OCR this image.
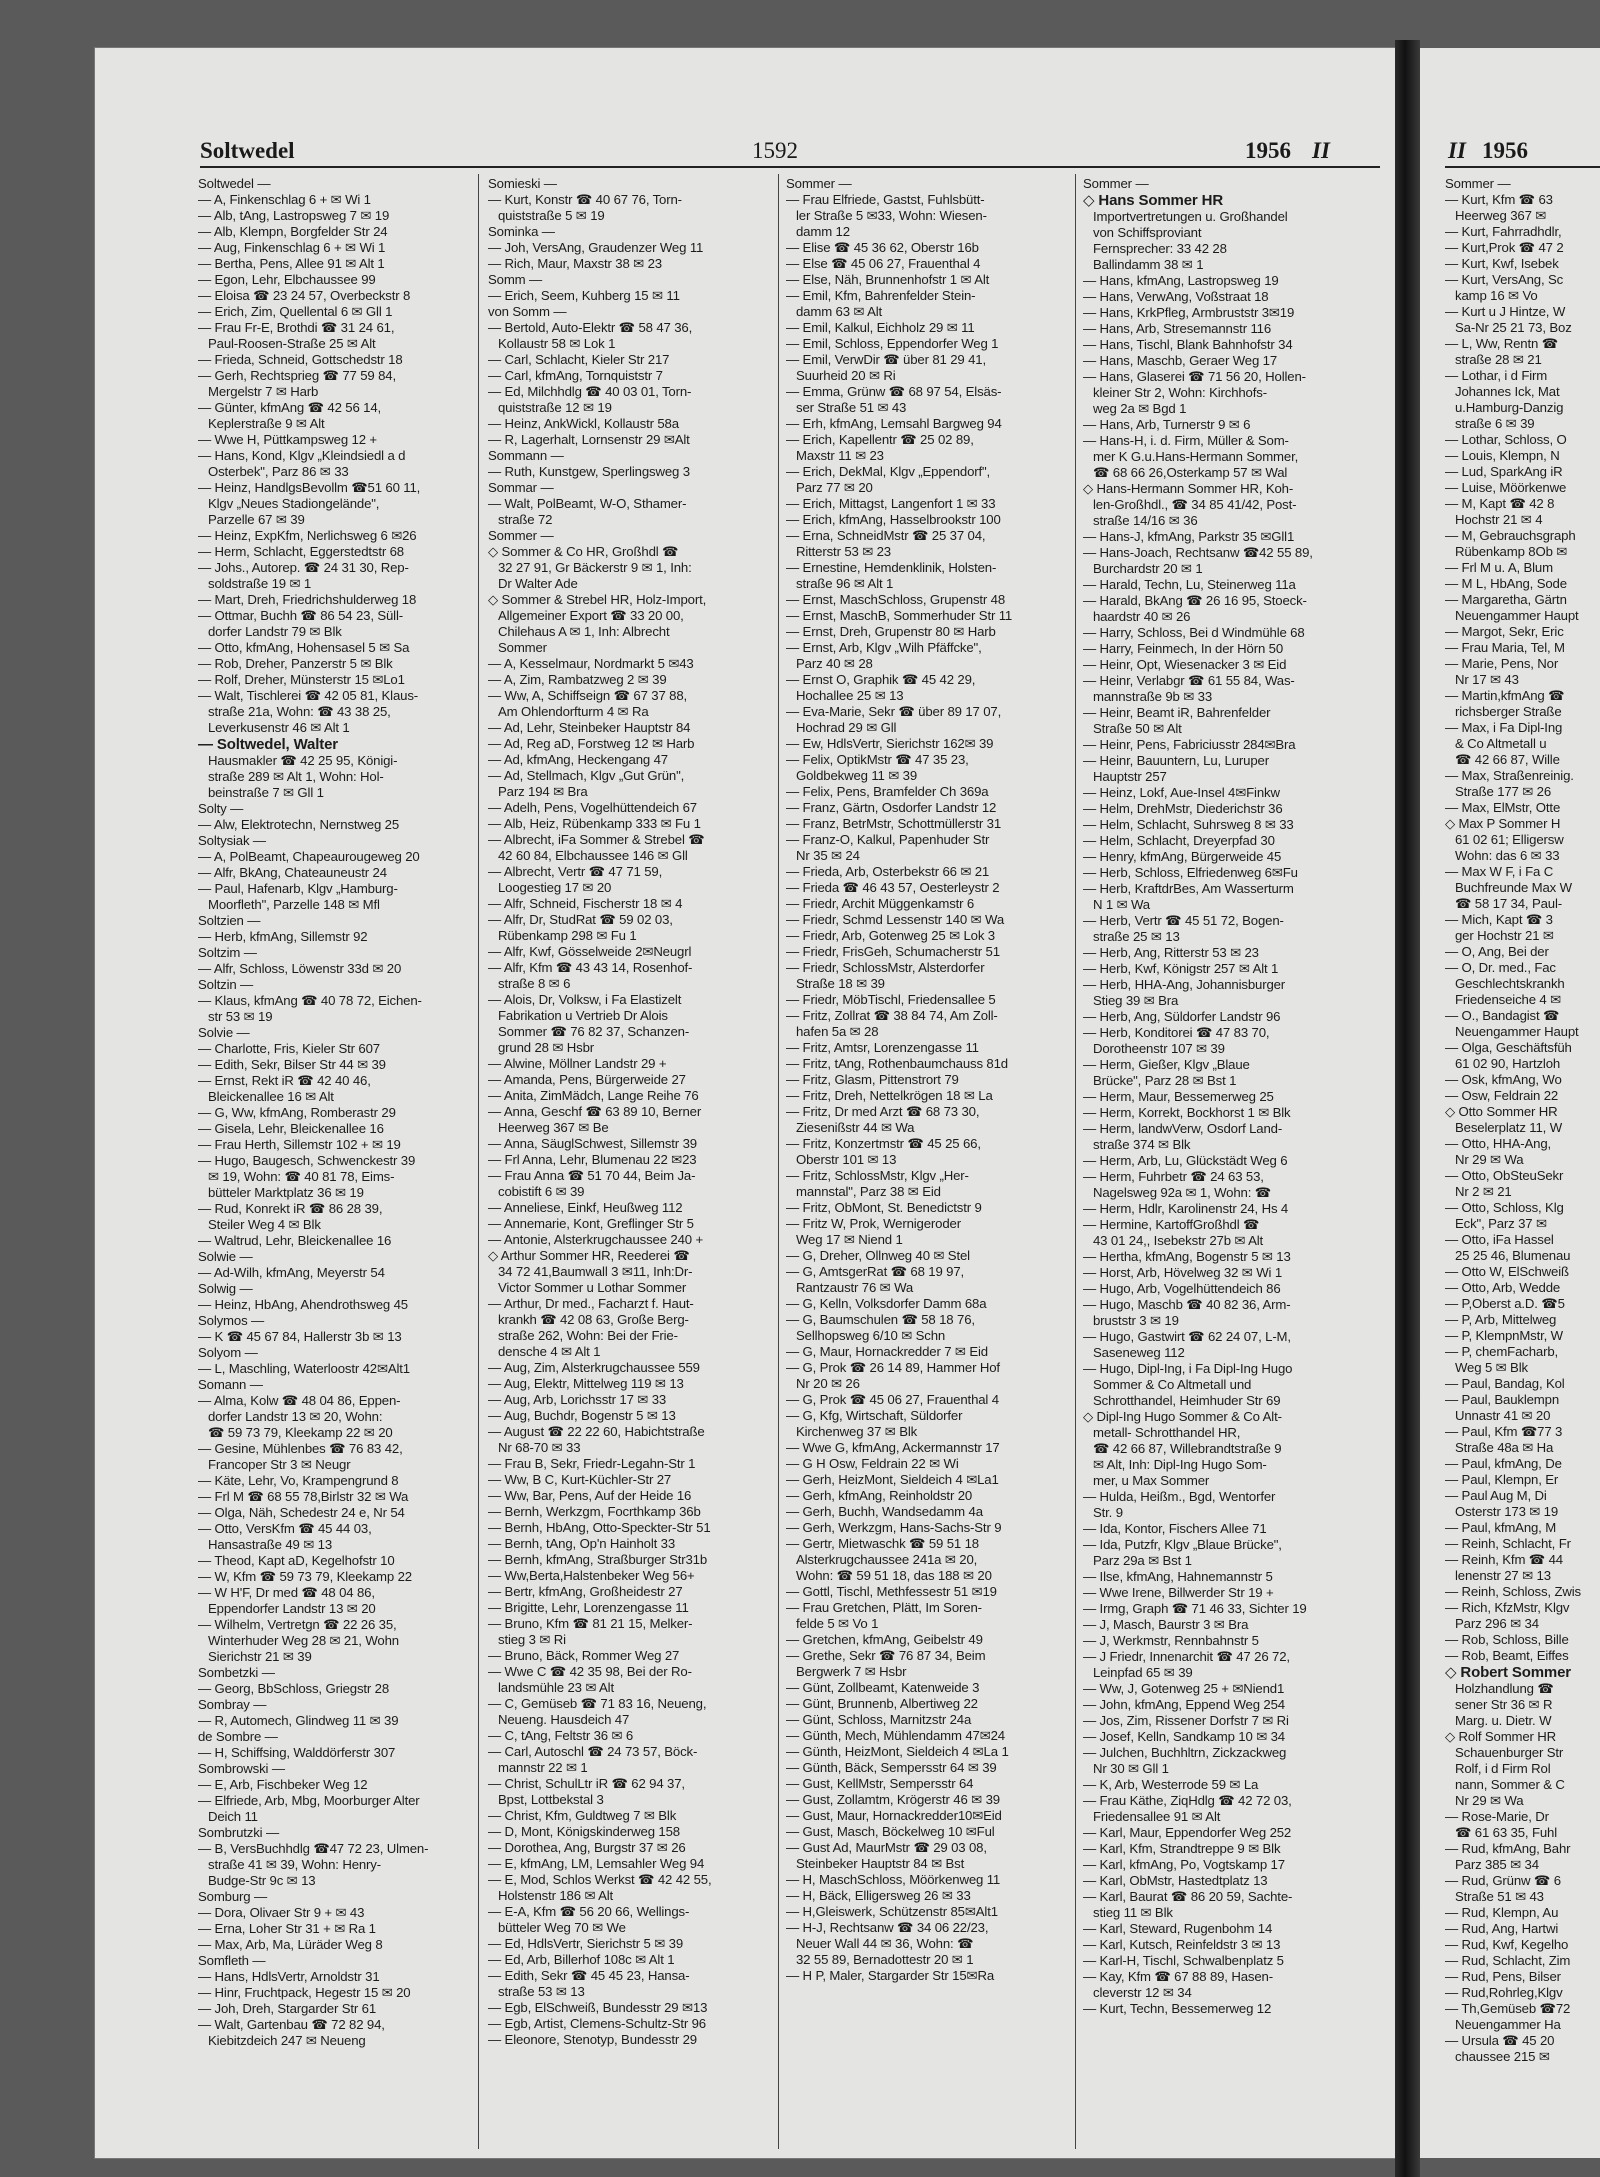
Soltwedel	1592	1956 II	II 1956
Soltwedel —
— A, Finkenschlag 6 + ✉ Wi 1
— Alb, tAng, Lastropsweg 7 ✉ 19
— Alb, Klempn, Borgfelder Str 24
— Aug, Finkenschlag 6 + ✉ Wi 1
— Bertha, Pens, Allee 91 ✉ Alt 1
— Egon, Lehr, Elbchaussee 99
— Eloisa ☎ 23 24 57, Overbeckstr 8
— Erich, Zim, Quellental 6 ✉ Gll 1
— Frau Fr-E, Brothdi ☎ 31 24 61,
Paul-Roosen-Straße 25 ✉ Alt
— Frieda, Schneid, Gottschedstr 18
— Gerh, Rechtsprieg ☎ 77 59 84,
Mergelstr 7 ✉ Harb
— Günter, kfmAng ☎ 42 56 14,
Keplerstraße 9 ✉ Alt
— Wwe H, Püttkampsweg 12 +
— Hans, Kond, Klgv „Kleindsiedl a d
Osterbek", Parz 86 ✉ 33
— Heinz, HandlgsBevollm ☎51 60 11,
Klgv „Neues Stadiongelände",
Parzelle 67 ✉ 39
— Heinz, ExpKfm, Nerlichsweg 6 ✉26
— Herm, Schlacht, Eggerstedtstr 68
— Johs., Autorep. ☎ 24 31 30, Rep-
soldstraße 19 ✉ 1
— Mart, Dreh, Friedrichshulderweg 18
— Ottmar, Buchh ☎ 86 54 23, Süll-
dorfer Landstr 79 ✉ Blk
— Otto, kfmAng, Hohensasel 5 ✉ Sa
— Rob, Dreher, Panzerstr 5 ✉ Blk
— Rolf, Dreher, Münsterstr 15 ✉Lo1
— Walt, Tischlerei ☎ 42 05 81, Klaus-
straße 21a, Wohn: ☎ 43 38 25,
Leverkusenstr 46 ✉ Alt 1
— Soltwedel, Walter
Hausmakler ☎ 42 25 95, Königi-
straße 289 ✉ Alt 1, Wohn: Hol-
beinstraße 7 ✉ Gll 1
Solty —
— Alw, Elektrotechn, Nernstweg 25
Soltysiak —
— A, PolBeamt, Chapeaurougeweg 20
— Alfr, BkAng, Chateauneustr 24
— Paul, Hafenarb, Klgv „Hamburg-
Moorfleth", Parzelle 148 ✉ Mfl
Soltzien —
— Herb, kfmAng, Sillemstr 92
Soltzim —
— Alfr, Schloss, Löwenstr 33d ✉ 20
Soltzin —
— Klaus, kfmAng ☎ 40 78 72, Eichen-
str 53 ✉ 19
Solvie —
— Charlotte, Fris, Kieler Str 607
— Edith, Sekr, Bilser Str 44 ✉ 39
— Ernst, Rekt iR ☎ 42 40 46,
Bleickenallee 16 ✉ Alt
— G, Ww, kfmAng, Romberastr 29
— Gisela, Lehr, Bleickenallee 16
— Frau Herth, Sillemstr 102 + ✉ 19
— Hugo, Baugesch, Schwenckestr 39
✉ 19, Wohn: ☎ 40 81 78, Eims-
bütteler Marktplatz 36 ✉ 19
— Rud, Konrekt iR ☎ 86 28 39,
Steiler Weg 4 ✉ Blk
— Waltrud, Lehr, Bleickenallee 16
Solwie —
— Ad-Wilh, kfmAng, Meyerstr 54
Solwig —
— Heinz, HbAng, Ahendrothsweg 45
Solymos —
— K ☎ 45 67 84, Hallerstr 3b ✉ 13
Solyom —
— L, Maschling, Waterloostr 42✉Alt1
Somann —
— Alma, Kolw ☎ 48 04 86, Eppen-
dorfer Landstr 13 ✉ 20, Wohn:
☎ 59 73 79, Kleekamp 22 ✉ 20
— Gesine, Mühlenbes ☎ 76 83 42,
Francoper Str 3 ✉ Neugr
— Käte, Lehr, Vo, Krampengrund 8
— Frl M ☎ 68 55 78,Birlstr 32 ✉ Wa
— Olga, Näh, Schedestr 24 e, Nr 54
— Otto, VersKfm ☎ 45 44 03,
Hansastraße 49 ✉ 13
— Theod, Kapt aD, Kegelhofstr 10
— W, Kfm ☎ 59 73 79, Kleekamp 22
— W H'F, Dr med ☎ 48 04 86,
Eppendorfer Landstr 13 ✉ 20
— Wilhelm, Vertretgn ☎ 22 26 35,
Winterhuder Weg 28 ✉ 21, Wohn
Sierichstr 21 ✉ 39
Sombetzki —
— Georg, BbSchloss, Griegstr 28
Sombray —
— R, Automech, Glindweg 11 ✉ 39
de Sombre —
— H, Schiffsing, Walddörferstr 307
Sombrowski —
— E, Arb, Fischbeker Weg 12
— Elfriede, Arb, Mbg, Moorburger Alter
Deich 11
Sombrutzki —
— B, VersBuchhdlg ☎47 72 23, Ulmen-
straße 41 ✉ 39, Wohn: Henry-
Budge-Str 9c ✉ 13
Somburg —
— Dora, Olivaer Str 9 + ✉ 43
— Erna, Loher Str 31 + ✉ Ra 1
— Max, Arb, Ma, Lüräder Weg 8
Somfleth —
— Hans, HdlsVertr, Arnoldstr 31
— Hinr, Fruchtpack, Hegestr 15 ✉ 20
— Joh, Dreh, Stargarder Str 61
— Walt, Gartenbau ☎ 72 82 94,
Kiebitzdeich 247 ✉ Neueng
Somieski —
— Kurt, Konstr ☎ 40 67 76, Torn-
quiststraße 5 ✉ 19
Sominka —
— Joh, VersAng, Graudenzer Weg 11
— Rich, Maur, Maxstr 38 ✉ 23
Somm —
— Erich, Seem, Kuhberg 15 ✉ 11
von Somm —
— Bertold, Auto-Elektr ☎ 58 47 36,
Kollaustr 58 ✉ Lok 1
— Carl, Schlacht, Kieler Str 217
— Carl, kfmAng, Tornquiststr 7
— Ed, Milchhdlg ☎ 40 03 01, Torn-
quiststraße 12 ✉ 19
— Heinz, AnkWickl, Kollaustr 58a
— R, Lagerhalt, Lornsenstr 29 ✉Alt
Sommann —
— Ruth, Kunstgew, Sperlingsweg 3
Sommar —
— Walt, PolBeamt, W-O, Sthamer-
straße 72
Sommer —
◇ Sommer & Co HR, Großhdl ☎
32 27 91, Gr Bäckerstr 9 ✉ 1, Inh:
Dr Walter Ade
◇ Sommer & Strebel HR, Holz-Import,
Allgemeiner Export ☎ 33 20 00,
Chilehaus A ✉ 1, Inh: Albrecht
Sommer
— A, Kesselmaur, Nordmarkt 5 ✉43
— A, Zim, Rambatzweg 2 ✉ 39
— Ww, A, Schiffseign ☎ 67 37 88,
Am Ohlendorfturm 4 ✉ Ra
— Ad, Lehr, Steinbeker Hauptstr 84
— Ad, Reg aD, Forstweg 12 ✉ Harb
— Ad, kfmAng, Heckengang 47
— Ad, Stellmach, Klgv „Gut Grün",
Parz 194 ✉ Bra
— Adelh, Pens, Vogelhüttendeich 67
— Alb, Heiz, Rübenkamp 333 ✉ Fu 1
— Albrecht, iFa Sommer & Strebel ☎
42 60 84, Elbchaussee 146 ✉ Gll
— Albrecht, Vertr ☎ 47 71 59,
Loogestieg 17 ✉ 20
— Alfr, Schneid, Fischerstr 18 ✉ 4
— Alfr, Dr, StudRat ☎ 59 02 03,
Rübenkamp 298 ✉ Fu 1
— Alfr, Kwf, Gösselweide 2✉Neugrl
— Alfr, Kfm ☎ 43 43 14, Rosenhof-
straße 8 ✉ 6
— Alois, Dr, Volksw, i Fa Elastizelt
Fabrikation u Vertrieb Dr Alois
Sommer ☎ 76 82 37, Schanzen-
grund 28 ✉ Hsbr
— Alwine, Möllner Landstr 29 +
— Amanda, Pens, Bürgerweide 27
— Anita, ZimMädch, Lange Reihe 76
— Anna, Geschf ☎ 63 89 10, Berner
Heerweg 367 ✉ Be
— Anna, SäuglSchwest, Sillemstr 39
— Frl Anna, Lehr, Blumenau 22 ✉23
— Frau Anna ☎ 51 70 44, Beim Ja-
cobistift 6 ✉ 39
— Anneliese, Einkf, Heußweg 112
— Annemarie, Kont, Greflinger Str 5
— Antonie, Alsterkrugchaussee 240 +
◇ Arthur Sommer HR, Reederei ☎
34 72 41,Baumwall 3 ✉11, Inh:Dr-
Victor Sommer u Lothar Sommer
— Arthur, Dr med., Facharzt f. Haut-
krankh ☎ 42 08 63, Große Berg-
straße 262, Wohn: Bei der Frie-
densche 4 ✉ Alt 1
— Aug, Zim, Alsterkrugchaussee 559
— Aug, Elektr, Mittelweg 119 ✉ 13
— Aug, Arb, Lorichsstr 17 ✉ 33
— Aug, Buchdr, Bogenstr 5 ✉ 13
— August ☎ 22 22 60, Habichtstraße
Nr 68-70 ✉ 33
— Frau B, Sekr, Friedr-Legahn-Str 1
— Ww, B C, Kurt-Küchler-Str 27
— Ww, Bar, Pens, Auf der Heide 16
— Bernh, Werkzgm, Focrthkamp 36b
— Bernh, HbAng, Otto-Speckter-Str 51
— Bernh, tAng, Op'n Hainholt 33
— Bernh, kfmAng, Straßburger Str31b
— Ww,Berta,Halstenbeker Weg 56+
— Bertr, kfmAng, Großheidestr 27
— Brigitte, Lehr, Lorenzengasse 11
— Bruno, Kfm ☎ 81 21 15, Melker-
stieg 3 ✉ Ri
— Bruno, Bäck, Rommer Weg 27
— Wwe C ☎ 42 35 98, Bei der Ro-
landsmühle 23 ✉ Alt
— C, Gemüseb ☎ 71 83 16, Neueng,
Neueng. Hausdeich 47
— C, tAng, Feltstr 36 ✉ 6
— Carl, Autoschl ☎ 24 73 57, Böck-
mannstr 22 ✉ 1
— Christ, SchulLtr iR ☎ 62 94 37,
Bpst, Lottbekstal 3
— Christ, Kfm, Guldtweg 7 ✉ Blk
— D, Mont, Königskinderweg 158
— Dorothea, Ang, Burgstr 37 ✉ 26
— E, kfmAng, LM, Lemsahler Weg 94
— E, Mod, Schlos Werkst ☎ 42 42 55,
Holstenstr 186 ✉ Alt
— E-A, Kfm ☎ 56 20 66, Wellings-
bütteler Weg 70 ✉ We
— Ed, HdlsVertr, Sierichstr 5 ✉ 39
— Ed, Arb, Billerhof 108c ✉ Alt 1
— Edith, Sekr ☎ 45 45 23, Hansa-
straße 53 ✉ 13
— Egb, ElSchweiß, Bundesstr 29 ✉13
— Egb, Artist, Clemens-Schultz-Str 96
— Eleonore, Stenotyp, Bundesstr 29
Sommer —
— Frau Elfriede, Gastst, Fuhlsbütt-
ler Straße 5 ✉33, Wohn: Wiesen-
damm 12
— Elise ☎ 45 36 62, Oberstr 16b
— Else ☎ 45 06 27, Frauenthal 4
— Else, Näh, Brunnenhofstr 1 ✉ Alt
— Emil, Kfm, Bahrenfelder Stein-
damm 63 ✉ Alt
— Emil, Kalkul, Eichholz 29 ✉ 11
— Emil, Schloss, Eppendorfer Weg 1
— Emil, VerwDir ☎ über 81 29 41,
Suurheid 20 ✉ Ri
— Emma, Grünw ☎ 68 97 54, Elsäs-
ser Straße 51 ✉ 43
— Erh, kfmAng, Lemsahl Bargweg 94
— Erich, Kapellentr ☎ 25 02 89,
Maxstr 11 ✉ 23
— Erich, DekMal, Klgv „Eppendorf",
Parz 77 ✉ 20
— Erich, Mittagst, Langenfort 1 ✉ 33
— Erich, kfmAng, Hasselbrookstr 100
— Erna, SchneidMstr ☎ 25 37 04,
Ritterstr 53 ✉ 23
— Ernestine, Hemdenklinik, Holsten-
straße 96 ✉ Alt 1
— Ernst, MaschSchloss, Grupenstr 48
— Ernst, MaschB, Sommerhuder Str 11
— Ernst, Dreh, Grupenstr 80 ✉ Harb
— Ernst, Arb, Klgv „Wilh Pfäffcke",
Parz 40 ✉ 28
— Ernst O, Graphik ☎ 45 42 29,
Hochallee 25 ✉ 13
— Eva-Marie, Sekr ☎ über 89 17 07,
Hochrad 29 ✉ Gll
— Ew, HdlsVertr, Sierichstr 162✉ 39
— Felix, OptikMstr ☎ 47 35 23,
Goldbekweg 11 ✉ 39
— Felix, Pens, Bramfelder Ch 369a
— Franz, Gärtn, Osdorfer Landstr 12
— Franz, BetrMstr, Schottmüllerstr 31
— Franz-O, Kalkul, Papenhuder Str
Nr 35 ✉ 24
— Frieda, Arb, Osterbekstr 66 ✉ 21
— Frieda ☎ 46 43 57, Oesterleystr 2
— Friedr, Archit Müggenkamstr 6
— Friedr, Schmd Lessenstr 140 ✉ Wa
— Friedr, Arb, Gotenweg 25 ✉ Lok 3
— Friedr, FrisGeh, Schumacherstr 51
— Friedr, SchlossMstr, Alsterdorfer
Straße 18 ✉ 39
— Friedr, MöbTischl, Friedensallee 5
— Fritz, Zollrat ☎ 38 84 74, Am Zoll-
hafen 5a ✉ 28
— Fritz, Amtsr, Lorenzengasse 11
— Fritz, tAng, Rothenbaumchauss 81d
— Fritz, Glasm, Pittenstrort 79
— Fritz, Dreh, Nettelkrögen 18 ✉ La
— Fritz, Dr med Arzt ☎ 68 73 30,
Ziesenißstr 44 ✉ Wa
— Fritz, Konzertmstr ☎ 45 25 66,
Oberstr 101 ✉ 13
— Fritz, SchlossMstr, Klgv „Her-
mannstal", Parz 38 ✉ Eid
— Fritz, ObMont, St. Benedictstr 9
— Fritz W, Prok, Wernigeroder
Weg 17 ✉ Niend 1
— G, Dreher, Ollnweg 40 ✉ Stel
— G, AmtsgerRat ☎ 68 19 97,
Rantzaustr 76 ✉ Wa
— G, Kelln, Volksdorfer Damm 68a
— G, Baumschulen ☎ 58 18 76,
Sellhopsweg 6/10 ✉ Schn
— G, Maur, Hornackredder 7 ✉ Eid
— G, Prok ☎ 26 14 89, Hammer Hof
Nr 20 ✉ 26
— G, Prok ☎ 45 06 27, Frauenthal 4
— G, Kfg, Wirtschaft, Süldorfer
Kirchenweg 37 ✉ Blk
— Wwe G, kfmAng, Ackermannstr 17
— G H Osw, Feldrain 22 ✉ Wi
— Gerh, HeizMont, Sieldeich 4 ✉La1
— Gerh, kfmAng, Reinholdstr 20
— Gerh, Buchh, Wandsedamm 4a
— Gerh, Werkzgm, Hans-Sachs-Str 9
— Gertr, Mietwaschk ☎ 59 51 18
Alsterkrugchaussee 241a ✉ 20,
Wohn: ☎ 59 51 18, das 188 ✉ 20
— Gottl, Tischl, Methfessestr 51 ✉19
— Frau Gretchen, Plätt, Im Soren-
felde 5 ✉ Vo 1
— Gretchen, kfmAng, Geibelstr 49
— Grethe, Sekr ☎ 76 87 34, Beim
Bergwerk 7 ✉ Hsbr
— Günt, Zollbeamt, Katenweide 3
— Günt, Brunnenb, Albertiweg 22
— Günt, Schloss, Marnitzstr 24a
— Günth, Mech, Mühlendamm 47✉24
— Günth, HeizMont, Sieldeich 4 ✉La 1
— Günth, Bäck, Sempersstr 64 ✉ 39
— Gust, KellMstr, Sempersstr 64
— Gust, Zollamtm, Krögerstr 46 ✉ 39
— Gust, Maur, Hornackredder10✉Eid
— Gust, Masch, Böckelweg 10 ✉Ful
— Gust Ad, MaurMstr ☎ 29 03 08,
Steinbeker Hauptstr 84 ✉ Bst
— H, MaschSchloss, Möörkenweg 11
— H, Bäck, Elligersweg 26 ✉ 33
— H,Gleiswerk, Schützenstr 85✉Alt1
— H-J, Rechtsanw ☎ 34 06 22/23,
Neuer Wall 44 ✉ 36, Wohn: ☎
32 55 89, Bernadottestr 20 ✉ 1
— H P, Maler, Stargarder Str 15✉Ra
Sommer —
◇ Hans Sommer HR
Importvertretungen u. Großhandel
von Schiffsproviant
Fernsprecher: 33 42 28
Ballindamm 38 ✉ 1
— Hans, kfmAng, Lastropsweg 19
— Hans, VerwAng, Voßstraat 18
— Hans, KrkPfleg, Armbruststr 3✉19
— Hans, Arb, Stresemannstr 116
— Hans, Tischl, Blank Bahnhofstr 34
— Hans, Maschb, Geraer Weg 17
— Hans, Glaserei ☎ 71 56 20, Hollen-
kleiner Str 2, Wohn: Kirchhofs-
weg 2a ✉ Bgd 1
— Hans, Arb, Turnerstr 9 ✉ 6
— Hans-H, i. d. Firm, Müller & Som-
mer K G.u.Hans-Hermann Sommer,
☎ 68 66 26,Osterkamp 57 ✉ Wal
◇ Hans-Hermann Sommer HR, Koh-
len-Großhdl., ☎ 34 85 41/42, Post-
straße 14/16 ✉ 36
— Hans-J, kfmAng, Parkstr 35 ✉Gll1
— Hans-Joach, Rechtsanw ☎42 55 89,
Burchardstr 20 ✉ 1
— Harald, Techn, Lu, Steinerweg 11a
— Harald, BkAng ☎ 26 16 95, Stoeck-
haardstr 40 ✉ 26
— Harry, Schloss, Bei d Windmühle 68
— Harry, Feinmech, In der Hörn 50
— Heinr, Opt, Wiesenacker 3 ✉ Eid
— Heinr, Verlabgr ☎ 61 55 84, Was-
mannstraße 9b ✉ 33
— Heinr, Beamt iR, Bahrenfelder
Straße 50 ✉ Alt
— Heinr, Pens, Fabriciusstr 284✉Bra
— Heinr, Bauuntern, Lu, Luruper
Hauptstr 257
— Heinz, Lokf, Aue-Insel 4✉Finkw
— Helm, DrehMstr, Diederichstr 36
— Helm, Schlacht, Suhrsweg 8 ✉ 33
— Helm, Schlacht, Dreyerpfad 30
— Henry, kfmAng, Bürgerweide 45
— Herb, Schloss, Elfriedenweg 6✉Fu
— Herb, KraftdrBes, Am Wasserturm
N 1 ✉ Wa
— Herb, Vertr ☎ 45 51 72, Bogen-
straße 25 ✉ 13
— Herb, Ang, Ritterstr 53 ✉ 23
— Herb, Kwf, Königstr 257 ✉ Alt 1
— Herb, HHA-Ang, Johannisburger
Stieg 39 ✉ Bra
— Herb, Ang, Süldorfer Landstr 96
— Herb, Konditorei ☎ 47 83 70,
Dorotheenstr 107 ✉ 39
— Herm, Gießer, Klgv „Blaue
Brücke", Parz 28 ✉ Bst 1
— Herm, Maur, Bessemerweg 25
— Herm, Korrekt, Bockhorst 1 ✉ Blk
— Herm, landwVerw, Osdorf Land-
straße 374 ✉ Blk
— Herm, Arb, Lu, Glückstädt Weg 6
— Herm, Fuhrbetr ☎ 24 63 53,
Nagelsweg 92a ✉ 1, Wohn: ☎
— Herm, Hdlr, Karolinenstr 24, Hs 4
— Hermine, KartoffGroßhdl ☎
43 01 24,, Isebekstr 27b ✉ Alt
— Hertha, kfmAng, Bogenstr 5 ✉ 13
— Horst, Arb, Hövelweg 32 ✉ Wi 1
— Hugo, Arb, Vogelhüttendeich 86
— Hugo, Maschb ☎ 40 82 36, Arm-
bruststr 3 ✉ 19
— Hugo, Gastwirt ☎ 62 24 07, L-M,
Saseneweg 112
— Hugo, Dipl-Ing, i Fa Dipl-Ing Hugo
Sommer & Co Altmetall und
Schrotthandel, Heimhuder Str 69
◇ Dipl-Ing Hugo Sommer & Co Alt-
metall- Schrotthandel HR,
☎ 42 66 87, Willebrandtstraße 9
✉ Alt, Inh: Dipl-Ing Hugo Som-
mer, u Max Sommer
— Hulda, Heißm., Bgd, Wentorfer
Str. 9
— Ida, Kontor, Fischers Allee 71
— Ida, Putzfr, Klgv „Blaue Brücke",
Parz 29a ✉ Bst 1
— Ilse, kfmAng, Hahnemannstr 5
— Wwe Irene, Billwerder Str 19 +
— Irmg, Graph ☎ 71 46 33, Sichter 19
— J, Masch, Baurstr 3 ✉ Bra
— J, Werkmstr, Rennbahnstr 5
— J Friedr, Innenarchit ☎ 47 26 72,
Leinpfad 65 ✉ 39
— Ww, J, Gotenweg 25 + ✉Niend1
— John, kfmAng, Eppend Weg 254
— Jos, Zim, Rissener Dorfstr 7 ✉ Ri
— Josef, Kelln, Sandkamp 10 ✉ 34
— Julchen, Buchhltrn, Zickzackweg
Nr 30 ✉ Gll 1
— K, Arb, Westerrode 59 ✉ La
— Frau Käthe, ZiqHdlg ☎ 42 72 03,
Friedensallee 91 ✉ Alt
— Karl, Maur, Eppendorfer Weg 252
— Karl, Kfm, Strandtreppe 9 ✉ Blk
— Karl, kfmAng, Po, Vogtskamp 17
— Karl, ObMstr, Hastedtplatz 13
— Karl, Baurat ☎ 86 20 59, Sachte-
stieg 11 ✉ Blk
— Karl, Steward, Rugenbohm 14
— Karl, Kutsch, Reinfeldstr 3 ✉ 13
— Karl-H, Tischl, Schwalbenplatz 5
— Kay, Kfm ☎ 67 88 89, Hasen-
cleverstr 12 ✉ 34
— Kurt, Techn, Bessemerweg 12
Sommer —
— Kurt, Kfm ☎ 63
Heerweg 367 ✉
— Kurt, Fahrradhdlr,
— Kurt,Prok ☎ 47 2
— Kurt, Kwf, Isebek
— Kurt, VersAng, Sc
kamp 16 ✉ Vo
— Kurt u J Hintze, W
Sa-Nr 25 21 73, Boz
— L, Ww, Rentn ☎
straße 28 ✉ 21
— Lothar, i d Firm
Johannes Ick, Mat
u.Hamburg-Danzig
straße 6 ✉ 39
— Lothar, Schloss, O
— Louis, Klempn, N
— Lud, SparkAng iR
— Luise, Möörkenwe
— M, Kapt ☎ 42 8
Hochstr 21 ✉ 4
— M, Gebrauchsgraph
Rübenkamp 8Ob ✉
— Frl M u. A, Blum
— M L, HbAng, Sode
— Margaretha, Gärtn
Neuengammer Haupt
— Margot, Sekr, Eric
— Frau Maria, Tel, M
— Marie, Pens, Nor
Nr 17 ✉ 43
— Martin,kfmAng ☎
richsberger Straße
— Max, i Fa Dipl-Ing
& Co Altmetall u
☎ 42 66 87, Wille
— Max, Straßenreinig.
Straße 177 ✉ 26
— Max, ElMstr, Otte
◇ Max P Sommer H
61 02 61; Elligersw
Wohn: das 6 ✉ 33
— Max W F, i Fa C
Buchfreunde Max W
☎ 58 17 34, Paul-
— Mich, Kapt ☎ 3
ger Hochstr 21 ✉
— O, Ang, Bei der
— O, Dr. med., Fac
Geschlechtskrankh
Friedenseiche 4 ✉
— O., Bandagist ☎
Neuengammer Haupt
— Olga, Geschäftsfüh
61 02 90, Hartzloh
— Osk, kfmAng, Wo
— Osw, Feldrain 22
◇ Otto Sommer HR
Beselerplatz 11, W
— Otto, HHA-Ang,
Nr 29 ✉ Wa
— Otto, ObSteuSekr
Nr 2 ✉ 21
— Otto, Schloss, Klg
Eck", Parz 37 ✉
— Otto, iFa Hassel
25 25 46, Blumenau
— Otto W, ElSchweiß
— Otto, Arb, Wedde
— P,Oberst a.D. ☎5
— P, Arb, Mittelweg
— P, KlempnMstr, W
— P, chemFacharb,
Weg 5 ✉ Blk
— Paul, Bandag, Kol
— Paul, Bauklempn
Unnastr 41 ✉ 20
— Paul, Kfm ☎77 3
Straße 48a ✉ Ha
— Paul, kfmAng, De
— Paul, Klempn, Er
— Paul Aug M, Di
Osterstr 173 ✉ 19
— Paul, kfmAng, M
— Reinh, Schlacht, Fr
— Reinh, Kfm ☎ 44
lenenstr 27 ✉ 13
— Reinh, Schloss, Zwis
— Rich, KfzMstr, Klgv
Parz 296 ✉ 34
— Rob, Schloss, Bille
— Rob, Beamt, Eiffes
◇ Robert Sommer
Holzhandlung ☎
sener Str 36 ✉ R
Marg. u. Dietr. W
◇ Rolf Sommer HR
Schauenburger Str
Rolf, i d Firm Rol
nann, Sommer & C
Nr 29 ✉ Wa
— Rose-Marie, Dr
☎ 61 63 35, Fuhl
— Rud, kfmAng, Bahr
Parz 385 ✉ 34
— Rud, Grünw ☎ 6
Straße 51 ✉ 43
— Rud, Klempn, Au
— Rud, Ang, Hartwi
— Rud, Kwf, Kegelho
— Rud, Schlacht, Zim
— Rud, Pens, Bilser
— Rud,Rohrleg,Klgv
— Th,Gemüseb ☎72
Neuengammer Ha
— Ursula ☎ 45 20
chaussee 215 ✉
